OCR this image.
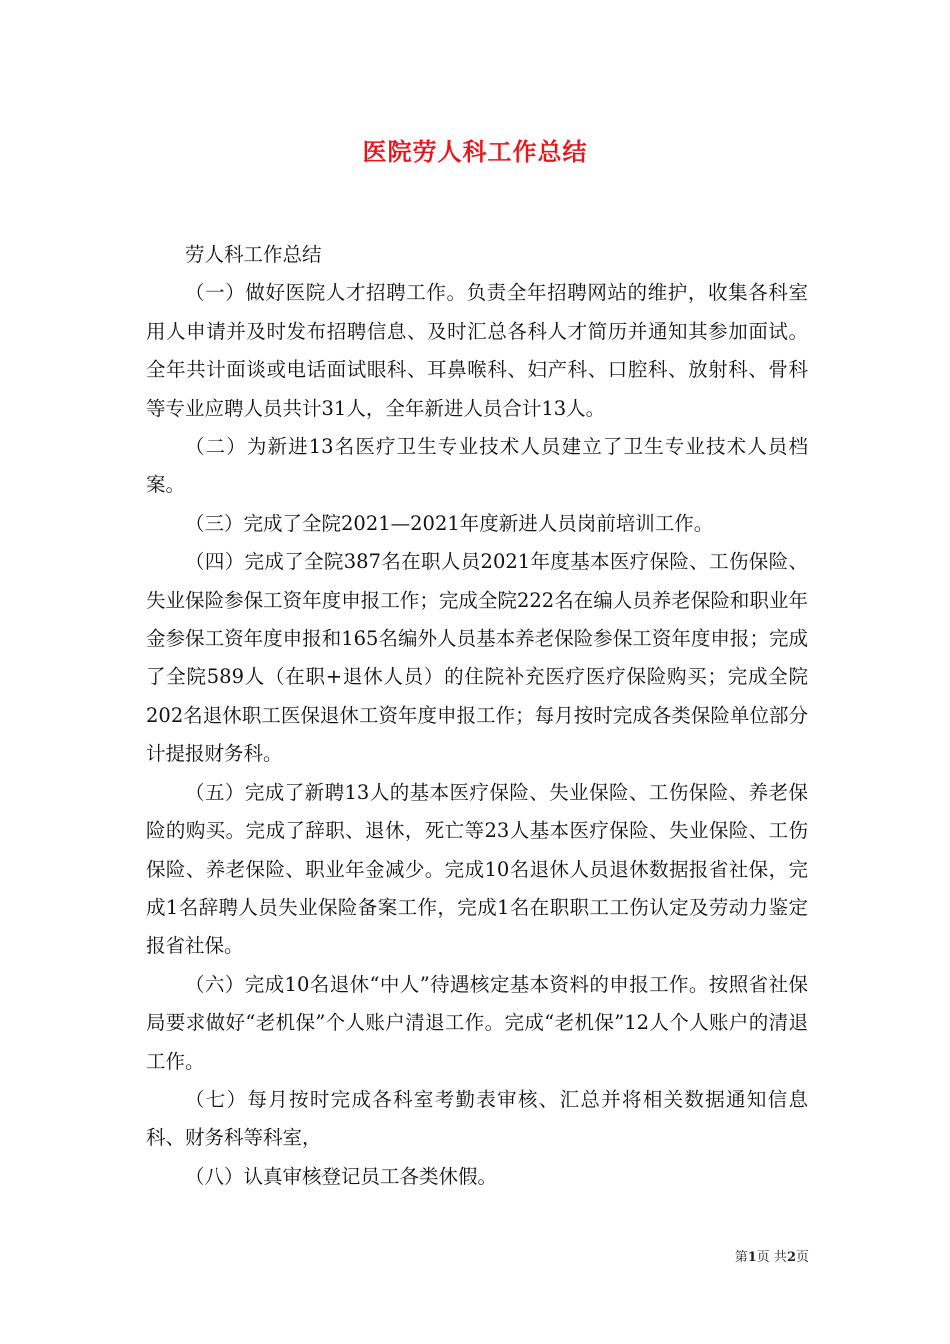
医院劳人科工作总结

劳人科工作总结

（一）做好医院人才招聘工作。负责全年招聘网站的维护，收集各科室用人申请并及时发布招聘信息、及时汇总各科人才简历并通知其参加面试。全年共计面谈或电话面试眼科、耳鼻喉科、妇产科、口腔科、放射科、骨科等专业应聘人员共计31人，全年新进人员合计13人。

（二）为新进13名医疗卫生专业技术人员建立了卫生专业技术人员档案。

（三）完成了全院2021—2021年度新进人员岗前培训工作。

（四）完成了全院387名在职人员2021年度基本医疗保险、工伤保险、失业保险参保工资年度申报工作；完成全院222名在编人员养老保险和职业年金参保工资年度申报和165名编外人员基本养老保险参保工资年度申报；完成了全院589人（在职+退休人员）的住院补充医疗医疗保险购买；完成全院202名退休职工医保退休工资年度申报工作；每月按时完成各类保险单位部分计提报财务科。

（五）完成了新聘13人的基本医疗保险、失业保险、工伤保险、养老保险的购买。完成了辞职、退休，死亡等23人基本医疗保险、失业保险、工伤保险、养老保险、职业年金减少。完成10名退休人员退休数据报省社保，完成1名辞聘人员失业保险备案工作，完成1名在职职工工伤认定及劳动力鉴定报省社保。

（六）完成10名退休“中人”待遇核定基本资料的申报工作。按照省社保局要求做好“老机保”个人账户清退工作。完成“老机保”12人个人账户的清退工作。

（七）每月按时完成各科室考勤表审核、汇总并将相关数据通知信息科、财务科等科室，

（八）认真审核登记员工各类休假。

第1页 共2页
